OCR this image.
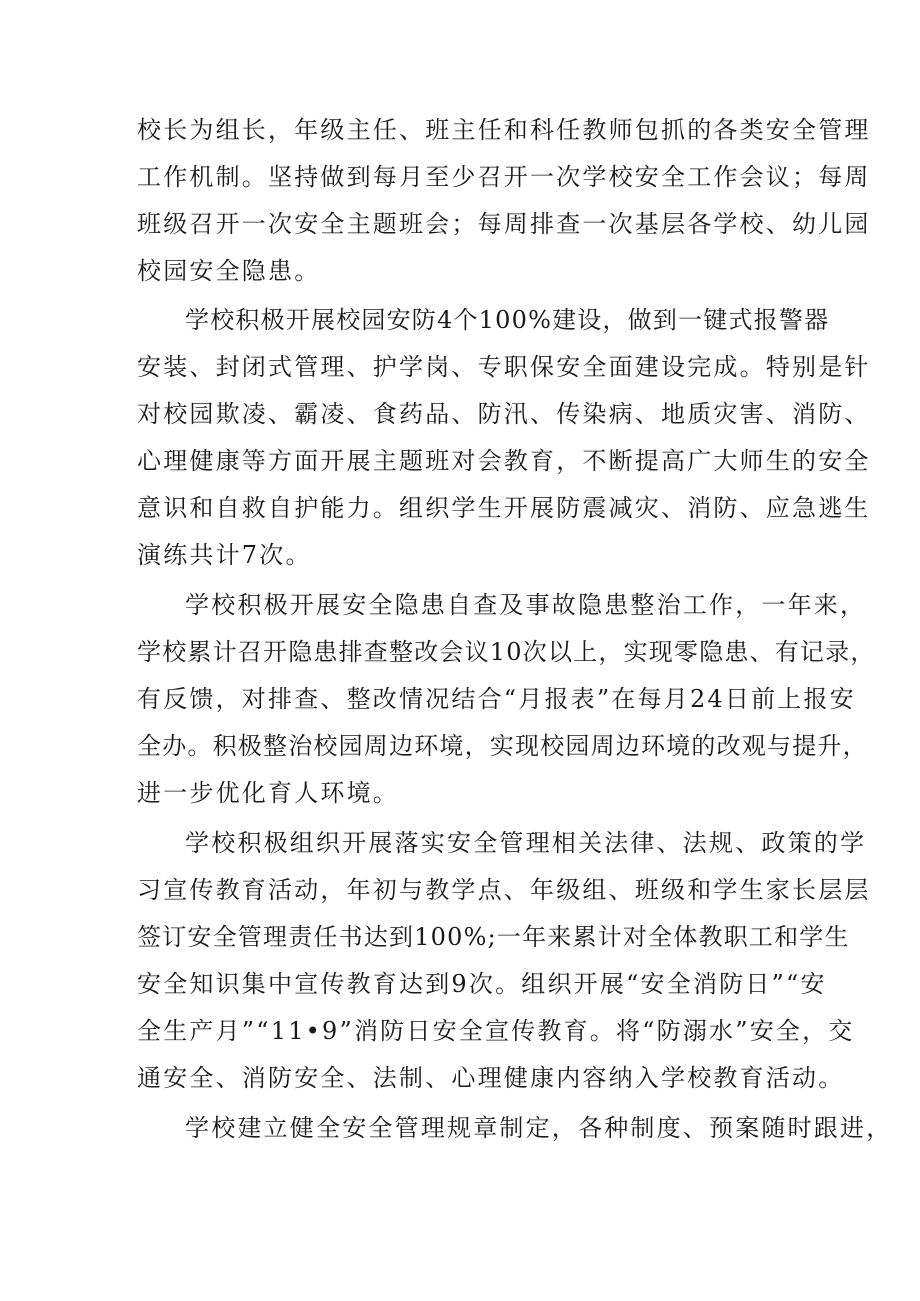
校长为组长，年级主任、班主任和科任教师包抓的各类安全管理
工作机制。坚持做到每月至少召开一次学校安全工作会议；每周
班级召开一次安全主题班会；每周排查一次基层各学校、幼儿园
校园安全隐患。
学校积极开展校园安防4个100%建设，做到一键式报警器
安装、封闭式管理、护学岗、专职保安全面建设完成。特别是针
对校园欺凌、霸凌、食药品、防汛、传染病、地质灾害、消防、
心理健康等方面开展主题班对会教育，不断提高广大师生的安全
意识和自救自护能力。组织学生开展防震减灾、消防、应急逃生
演练共计7次。
学校积极开展安全隐患自查及事故隐患整治工作，一年来，
学校累计召开隐患排查整改会议10次以上，实现零隐患、有记录，
有反馈，对排查、整改情况结合“月报表”在每月24日前上报安
全办。积极整治校园周边环境，实现校园周边环境的改观与提升，
进一步优化育人环境。
学校积极组织开展落实安全管理相关法律、法规、政策的学
习宣传教育活动，年初与教学点、年级组、班级和学生家长层层
签订安全管理责任书达到100%;一年来累计对全体教职工和学生
安全知识集中宣传教育达到9次。组织开展“安全消防日”“安
全生产月”“11•9”消防日安全宣传教育。将“防溺水”安全，交
通安全、消防安全、法制、心理健康内容纳入学校教育活动。
学校建立健全安全管理规章制定，各种制度、预案随时跟进，
